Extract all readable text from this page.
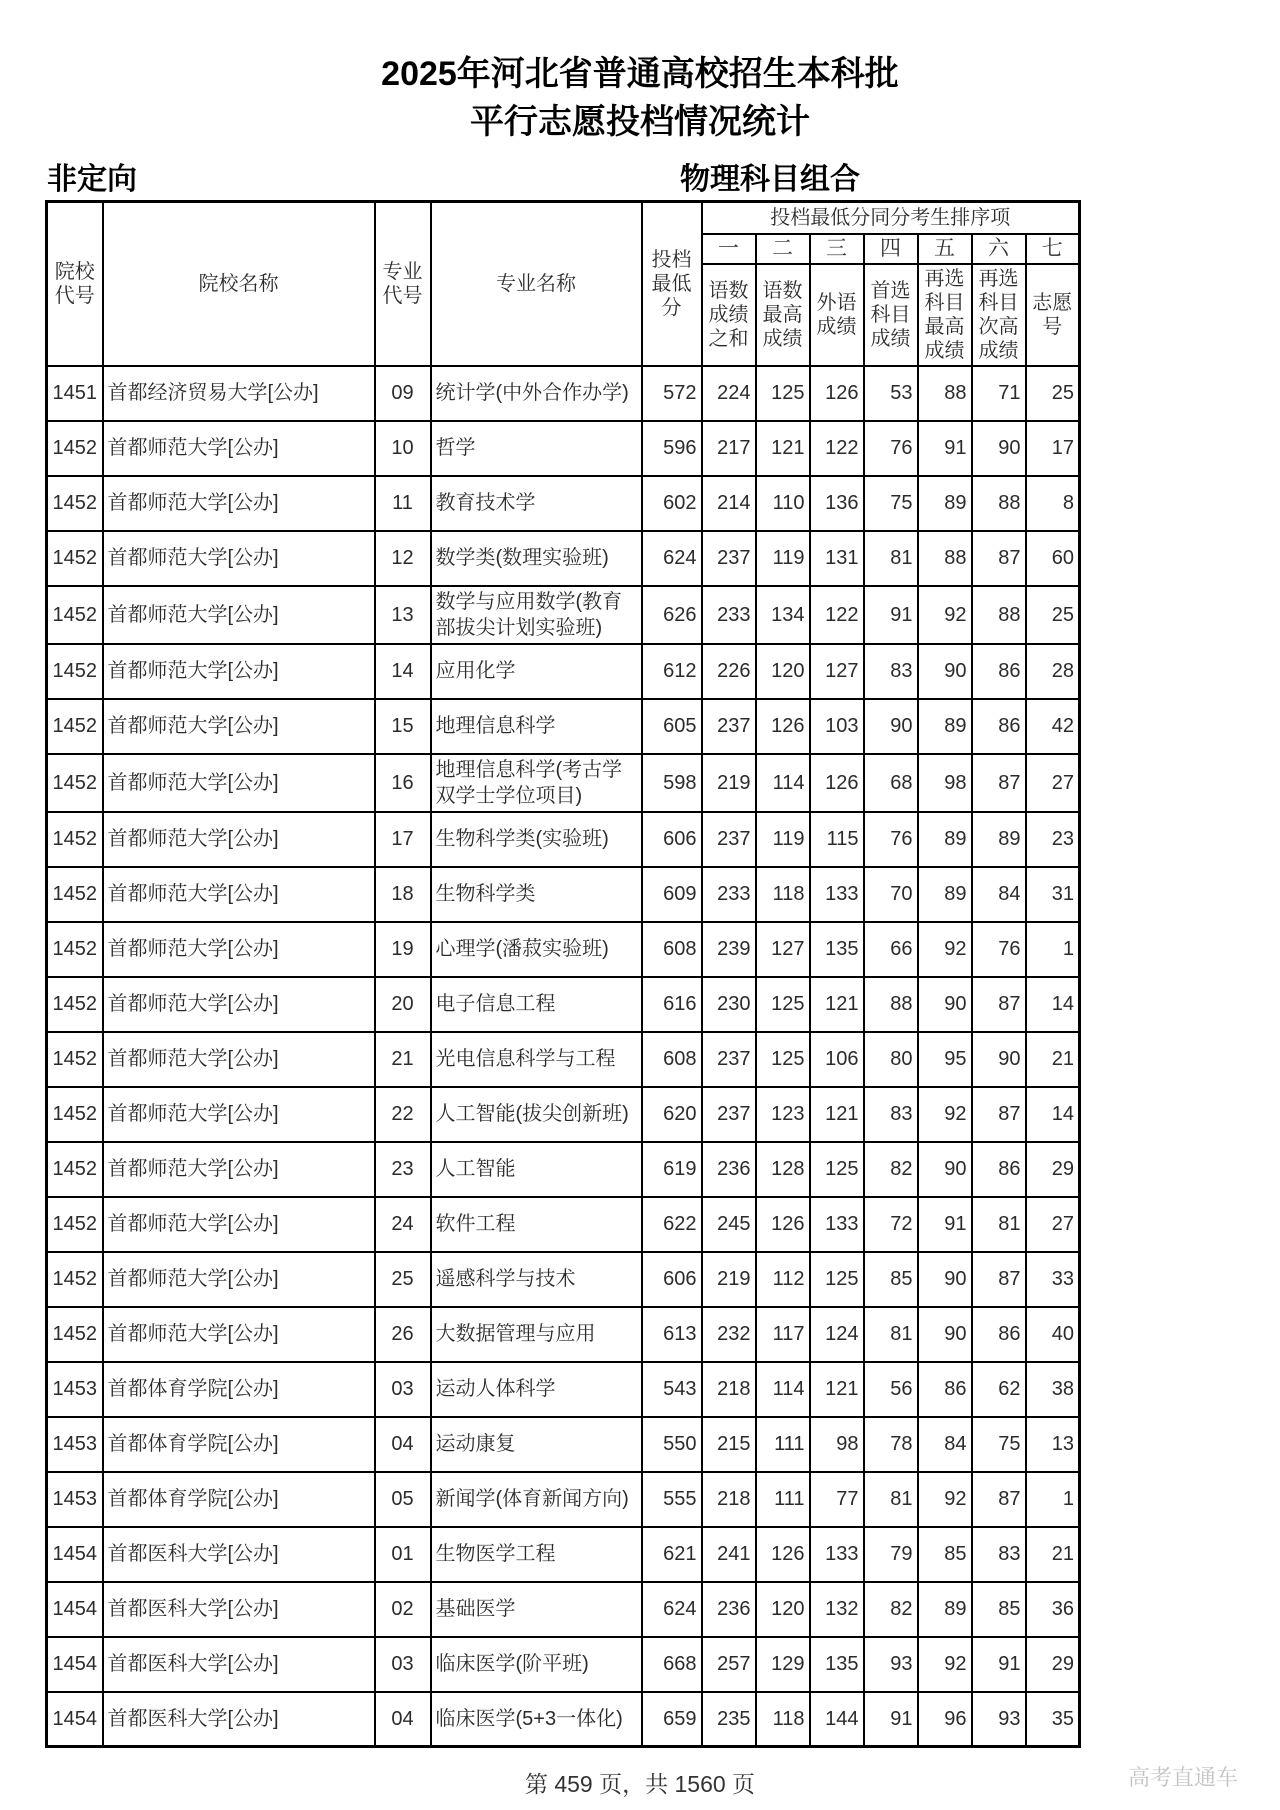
2025年河北省普通高校招生本科批
平行志愿投档情况统计
非定向	物理科目组合
院校代号	院校名称	专业代号	专业名称	投档最低分	投档最低分同分考生排序项						
					一	二	三	四	五	六	七
					语数成绩之和	语数最高成绩	外语成绩	首选科目成绩	再选科目最高成绩	再选科目次高成绩	志愿号
1451	首都经济贸易大学[公办]	09	统计学(中外合作办学)	572	224	125	126	53	88	71	25
1452	首都师范大学[公办]	10	哲学	596	217	121	122	76	91	90	17
1452	首都师范大学[公办]	11	教育技术学	602	214	110	136	75	89	88	8
1452	首都师范大学[公办]	12	数学类(数理实验班)	624	237	119	131	81	88	87	60
1452	首都师范大学[公办]	13	数学与应用数学(教育部拔尖计划实验班)	626	233	134	122	91	92	88	25
1452	首都师范大学[公办]	14	应用化学	612	226	120	127	83	90	86	28
1452	首都师范大学[公办]	15	地理信息科学	605	237	126	103	90	89	86	42
1452	首都师范大学[公办]	16	地理信息科学(考古学双学士学位项目)	598	219	114	126	68	98	87	27
1452	首都师范大学[公办]	17	生物科学类(实验班)	606	237	119	115	76	89	89	23
1452	首都师范大学[公办]	18	生物科学类	609	233	118	133	70	89	84	31
1452	首都师范大学[公办]	19	心理学(潘菽实验班)	608	239	127	135	66	92	76	1
1452	首都师范大学[公办]	20	电子信息工程	616	230	125	121	88	90	87	14
1452	首都师范大学[公办]	21	光电信息科学与工程	608	237	125	106	80	95	90	21
1452	首都师范大学[公办]	22	人工智能(拔尖创新班)	620	237	123	121	83	92	87	14
1452	首都师范大学[公办]	23	人工智能	619	236	128	125	82	90	86	29
1452	首都师范大学[公办]	24	软件工程	622	245	126	133	72	91	81	27
1452	首都师范大学[公办]	25	遥感科学与技术	606	219	112	125	85	90	87	33
1452	首都师范大学[公办]	26	大数据管理与应用	613	232	117	124	81	90	86	40
1453	首都体育学院[公办]	03	运动人体科学	543	218	114	121	56	86	62	38
1453	首都体育学院[公办]	04	运动康复	550	215	111	98	78	84	75	13
1453	首都体育学院[公办]	05	新闻学(体育新闻方向)	555	218	111	77	81	92	87	1
1454	首都医科大学[公办]	01	生物医学工程	621	241	126	133	79	85	83	21
1454	首都医科大学[公办]	02	基础医学	624	236	120	132	82	89	85	36
1454	首都医科大学[公办]	03	临床医学(阶平班)	668	257	129	135	93	92	91	29
1454	首都医科大学[公办]	04	临床医学(5+3一体化)	659	235	118	144	91	96	93	35
第 459 页，共 1560 页	高考直通车
